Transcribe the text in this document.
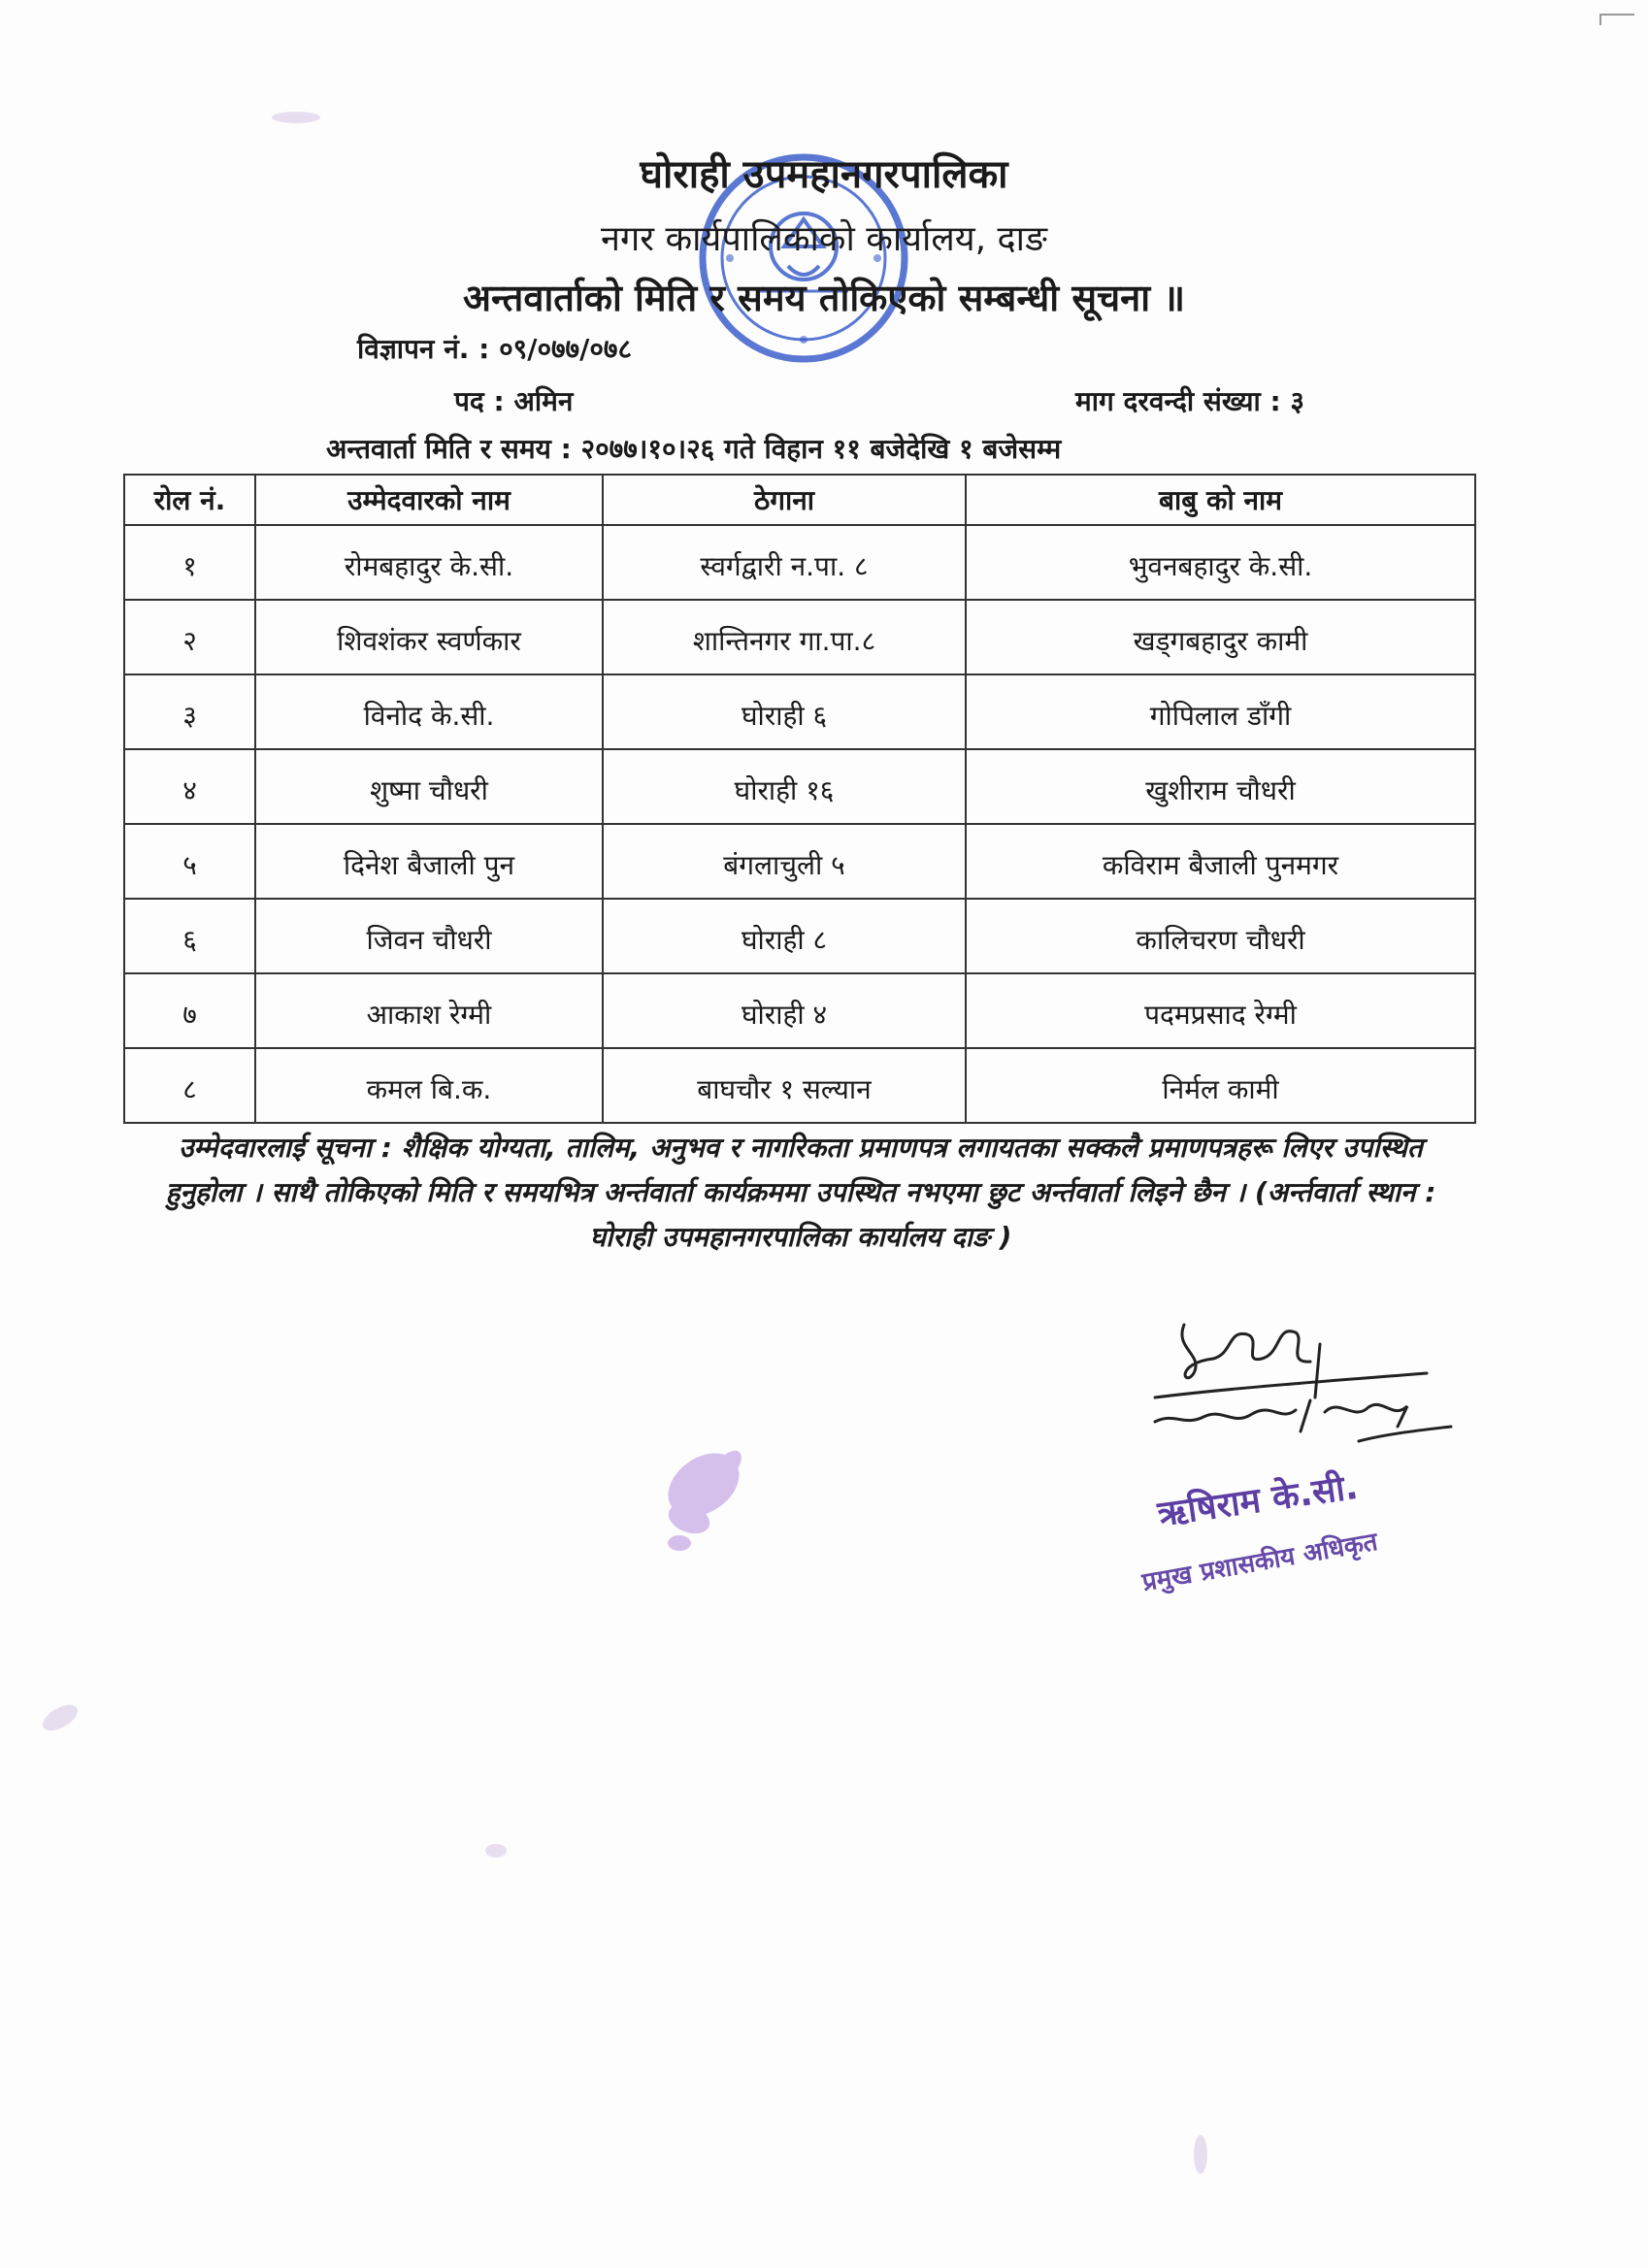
घोराही उपमहानगरपालिका
नगर कार्यपालिकाको कार्यालय, दाङ
अन्तवार्ताको मिति र समय तोकिएको सम्बन्धी सूचना ॥
विज्ञापन नं. : ०९/०७७/०७८
पद : अमिन	माग दरवन्दी संख्या : ३
अन्तवार्ता मिति र समय : २०७७।१०।२६ गते विहान ११ बजेदेखि १ बजेसम्म
रोल नं.	उम्मेदवारको नाम	ठेगाना	बाबु को नाम
१	रोमबहादुर के.सी.	स्वर्गद्वारी न.पा. ८	भुवनबहादुर के.सी.
२	शिवशंकर स्वर्णकार	शान्तिनगर गा.पा.८	खड्गबहादुर कामी
३	विनोद के.सी.	घोराही ६	गोपिलाल डाँगी
४	शुष्मा चौधरी	घोराही १६	खुशीराम चौधरी
५	दिनेश बैजाली पुन	बंगलाचुली ५	कविराम बैजाली पुनमगर
६	जिवन चौधरी	घोराही ८	कालिचरण चौधरी
७	आकाश रेग्मी	घोराही ४	पदमप्रसाद रेग्मी
८	कमल बि.क.	बाघचौर १ सल्यान	निर्मल कामी
उम्मेदवारलाई सूचना : शैक्षिक योग्यता, तालिम, अनुभव र नागरिकता प्रमाणपत्र लगायतका सक्कलै प्रमाणपत्रहरू लिएर उपस्थित हुनुहोला । साथै तोकिएको मिति र समयभित्र अर्न्तवार्ता कार्यक्रममा उपस्थित नभएमा छुट अर्न्तवार्ता लिइने छैन । (अर्न्तवार्ता स्थान : घोराही उपमहानगरपालिका कार्यालय दाङ )
ऋषिराम के.सी.
प्रमुख प्रशासकीय अधिकृत
